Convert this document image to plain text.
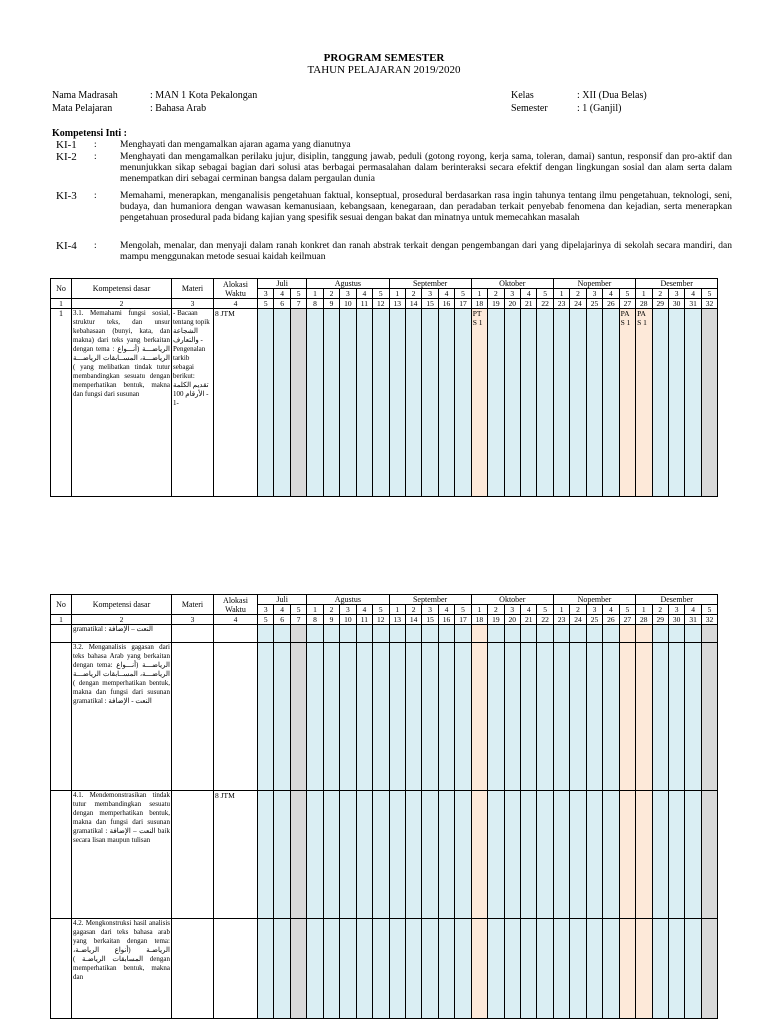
PROGRAM SEMESTER
TAHUN PELAJARAN 2019/2020
Nama Madrasah	: MAN 1 Kota Pekalongan
Mata Pelajaran	: Bahasa Arab
Kelas	: XII (Dua Belas)
Semester	: 1 (Ganjil)
Kompetensi Inti :
KI-1 : Menghayati dan mengamalkan ajaran agama yang dianutnya
KI-2 : Menghayati dan mengamalkan perilaku jujur, disiplin, tanggung jawab, peduli (gotong royong, kerja sama, toleran, damai) santun, responsif dan pro-aktif dan menunjukkan sikap sebagai bagian dari solusi atas berbagai permasalahan dalam berinteraksi secara efektif dengan lingkungan sosial dan alam serta dalam menempatkan diri sebagai cerminan bangsa dalam pergaulan dunia
KI-3 : Memahami, menerapkan, menganalisis pengetahuan faktual, konseptual, prosedural berdasarkan rasa ingin tahunya tentang ilmu pengetahuan, teknologi, seni, budaya, dan humaniora dengan wawasan kemanusiaan, kebangsaan, kenegaraan, dan peradaban terkait penyebab fenomena dan kejadian, serta menerapkan pengetahuan prosedural pada bidang kajian yang spesifik sesuai dengan bakat dan minatnya untuk memecahkan masalah
KI-4 : Mengolah, menalar, dan menyaji dalam ranah konkret dan ranah abstrak terkait dengan pengembangan dari yang dipelajarinya di sekolah secara mandiri, dan mampu menggunakan metode sesuai kaidah keilmuan
No	Kompetensi dasar	Materi	Alokasi Waktu	Juli			Agustus					September					Oktober					Nopember					Desember				
				3	4	5	1	2	3	4	5	1	2	3	4	5	1	2	3	4	5	1	2	3	4	5	1	2	3	4	5
1	2	3	4	5	6	7	8	9	10	11	12	13	14	15	16	17	18	19	20	21	22	23	24	25	26	27	28	29	30	31	32
1	3.1. Memahami fungsi sosial, struktur teks, dan unsur kebahasaan (bunyi, kata, dan makna) dari teks yang berkaitan dengan tema : الرياضـــة (أنـــواع الرياضـــة، المســابقات الرياضـــة ) yang melibatkan tindak tutur membandingkan sesuatu dengan memperhatikan bentuk, makna dan fungsi dari susunan	- Bacaan tentang topik الشجاعة والتعارف - Pengenalan tarkib sebagai berikut: تقديم الكلمة - الأرقام 100 -1	8 JTM														PT S 1									PA S 1	PA S 1				
No	Kompetensi dasar	Materi	Alokasi Waktu	Juli			Agustus					September					Oktober					Nopember					Desember				
				3	4	5	1	2	3	4	5	1	2	3	4	5	1	2	3	4	5	1	2	3	4	5	1	2	3	4	5
1	2	3	4	5	6	7	8	9	10	11	12	13	14	15	16	17	18	19	20	21	22	23	24	25	26	27	28	29	30	31	32
	gramatikal : النعت – الإضافة																														
	3.2. Menganalisis gagasan dari teks bahasa Arab yang berkaitan dengan tema: الرياضـــة (أنـــواع الرياضـــة، المســابقات الرياضـــة ) dengan memperhatikan bentuk, makna dan fungsi dari susunan gramatikal : النعت - الإضافة																														
	4.1. Mendemonstrasikan tindak tutur membandingkan sesuatu dengan memperhatikan bentuk, makna dan fungsi dari susunan gramatikal : النعت – الإضافة baik secara lisan maupun tulisan		8 JTM																												
	4.2. Mengkonstruksi hasil analisis gagasan dari teks bahasa arab yang berkaitan dengan tema: الرياضـة (أنواع الرياضـة، المسابقات الرياضـة ) dengan memperhatikan bentuk, makna dan																														
